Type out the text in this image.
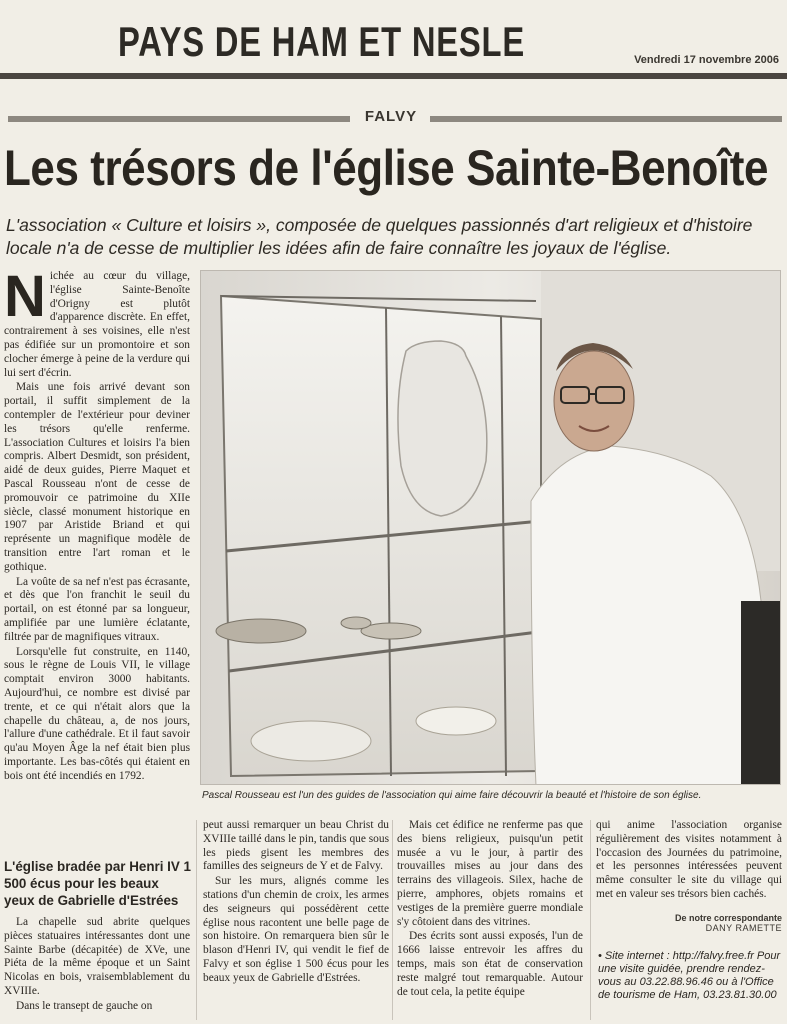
PAYS DE HAM ET NESLE	Vendredi 17 novembre 2006
FALVY
Les trésors de l'église Sainte-Benoîte
L'association « Culture et loisirs », composée de quelques passionnés d'art religieux et d'histoire locale n'a de cesse de multiplier les idées afin de faire connaître les joyaux de l'église.

Nichée au cœur du village, l'église Sainte-Benoîte d'Origny est plutôt d'apparence discrète. En effet, contrairement à ses voisines, elle n'est pas édifiée sur un promontoire et son clocher émerge à peine de la verdure qui lui sert d'écrin.

Mais une fois arrivé devant son portail, il suffit simplement de la contempler de l'extérieur pour deviner les trésors qu'elle renferme. L'association Cultures et loisirs l'a bien compris. Albert Desmidt, son président, aidé de deux guides, Pierre Maquet et Pascal Rousseau n'ont de cesse de promouvoir ce patrimoine du XIIe siècle, classé monument historique en 1907 par Aristide Briand et qui représente un magnifique modèle de transition entre l'art roman et le gothique.

La voûte de sa nef n'est pas écrasante, et dès que l'on franchit le seuil du portail, on est étonné par sa longueur, amplifiée par une lumière éclatante, filtrée par de magnifiques vitraux.

Lorsqu'elle fut construite, en 1140, sous le règne de Louis VII, le village comptait environ 3000 habitants. Aujourd'hui, ce nombre est divisé par trente, et ce qui n'était alors que la chapelle du château, a, de nos jours, l'allure d'une cathédrale. Et il faut savoir qu'au Moyen Âge la nef était bien plus importante. Les bas-côtés qui étaient en bois ont été incendiés en 1792.

L'église bradée par Henri IV 1 500 écus pour les beaux yeux de Gabrielle d'Estrées

La chapelle sud abrite quelques pièces statuaires intéressantes dont une Sainte Barbe (décapitée) de XVe, une Piéta de la même époque et un Saint Nicolas en bois, vraisemblablement du XVIIIe.

Dans le transept de gauche on

Pascal Rousseau est l'un des guides de l'association qui aime faire découvrir la beauté et l'histoire de son église.

peut aussi remarquer un beau Christ du XVIIIe taillé dans le pin, tandis que sous les pieds gisent les membres des familles des seigneurs de Y et de Falvy.

Sur les murs, alignés comme les stations d'un chemin de croix, les armes des seigneurs qui possédèrent cette église nous racontent une belle page de son histoire. On remarquera bien sûr le blason d'Henri IV, qui vendit le fief de Falvy et son église 1 500 écus pour les beaux yeux de Gabrielle d'Estrées.

Mais cet édifice ne renferme pas que des biens religieux, puisqu'un petit musée a vu le jour, à partir des trouvailles mises au jour dans des terrains des villageois. Silex, hache de pierre, amphores, objets romains et vestiges de la première guerre mondiale s'y côtoient dans des vitrines.

Des écrits sont aussi exposés, l'un de 1666 laisse entrevoir les affres du temps, mais son état de conservation reste malgré tout remarquable. Autour de tout cela, la petite équipe

qui anime l'association organise régulièrement des visites notamment à l'occasion des Journées du patrimoine, et les personnes intéressées peuvent même consulter le site du village qui met en valeur ses trésors bien cachés.

De notre correspondante
DANY RAMETTE
• Site internet : http://falvy.free.fr Pour une visite guidée, prendre rendez-vous au 03.22.88.96.46 ou à l'Office de tourisme de Ham, 03.23.81.30.00
